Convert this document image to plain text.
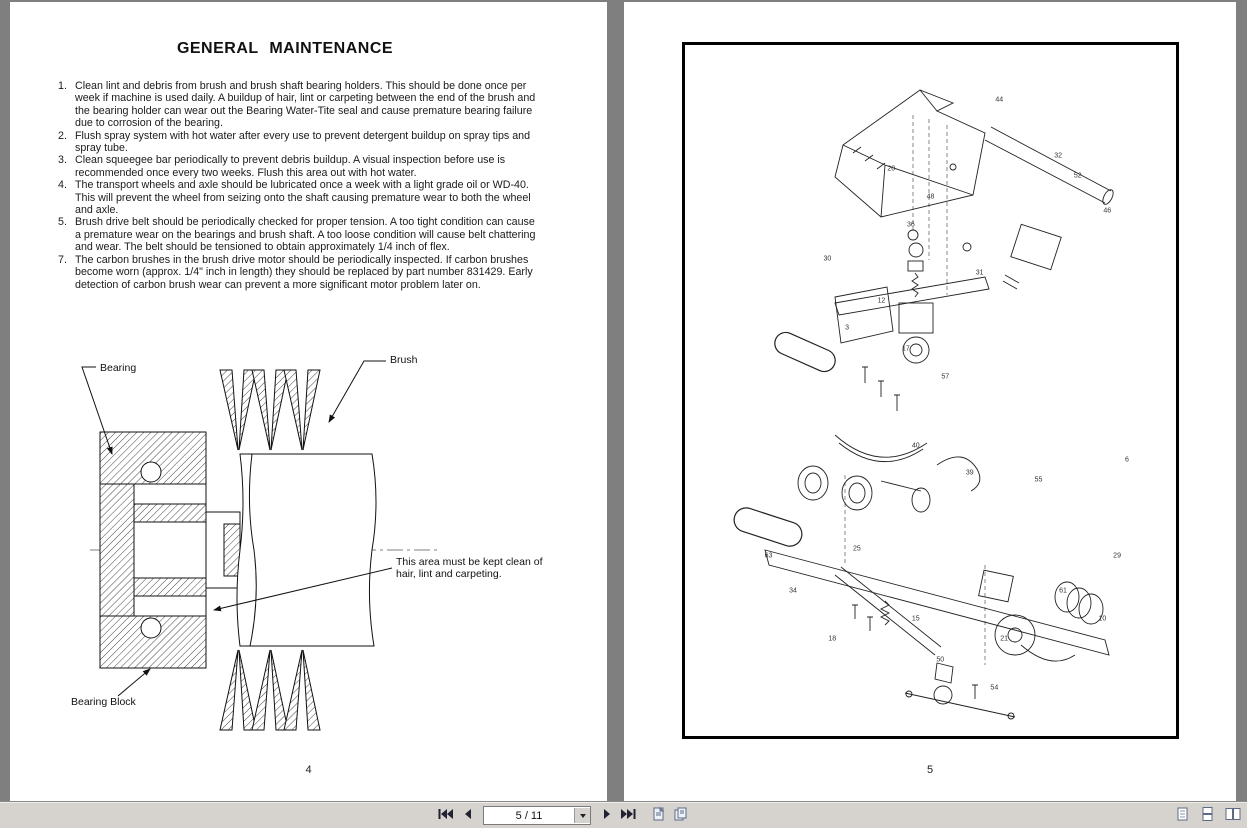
GENERAL MAINTENANCE
1. Clean lint and debris from brush and brush shaft bearing holders. This should be done once per week if machine is used daily. A buildup of hair, lint or carpeting between the end of the brush and the bearing holder can wear out the Bearing Water-Tite seal and cause premature bearing failure due to corrosion of the bearing.
2. Flush spray system with hot water after every use to prevent detergent buildup on spray tips and spray tube.
3. Clean squeegee bar periodically to prevent debris buildup. A visual inspection before use is recommended once every two weeks. Flush this area out with hot water.
4. The transport wheels and axle should be lubricated once a week with a light grade oil or WD-40. This will prevent the wheel from seizing onto the shaft causing premature wear to both the wheel and axle.
5. Brush drive belt should be periodically checked for proper tension. A too tight condition can cause a premature wear on the bearings and brush shaft. A too loose condition will cause belt chattering and wear. The belt should be tensioned to obtain approximately 1/4 inch of flex.
7. The carbon brushes in the brush drive motor should be periodically inspected. If carbon brushes become worn (approx. 1/4" inch in length) they should be replaced by part number 831429. Early detection of carbon brush wear can prevent a more significant motor problem later on.
Bearing
Brush
This area must be kept clean of hair, lint and carpeting.
Bearing Block
4
44
32
52
46
20
48
36
30
31
3
12
17
57
40
39
55
6
25
63
34
29
61
10
15
18
50
21
54
5
5 / 11
